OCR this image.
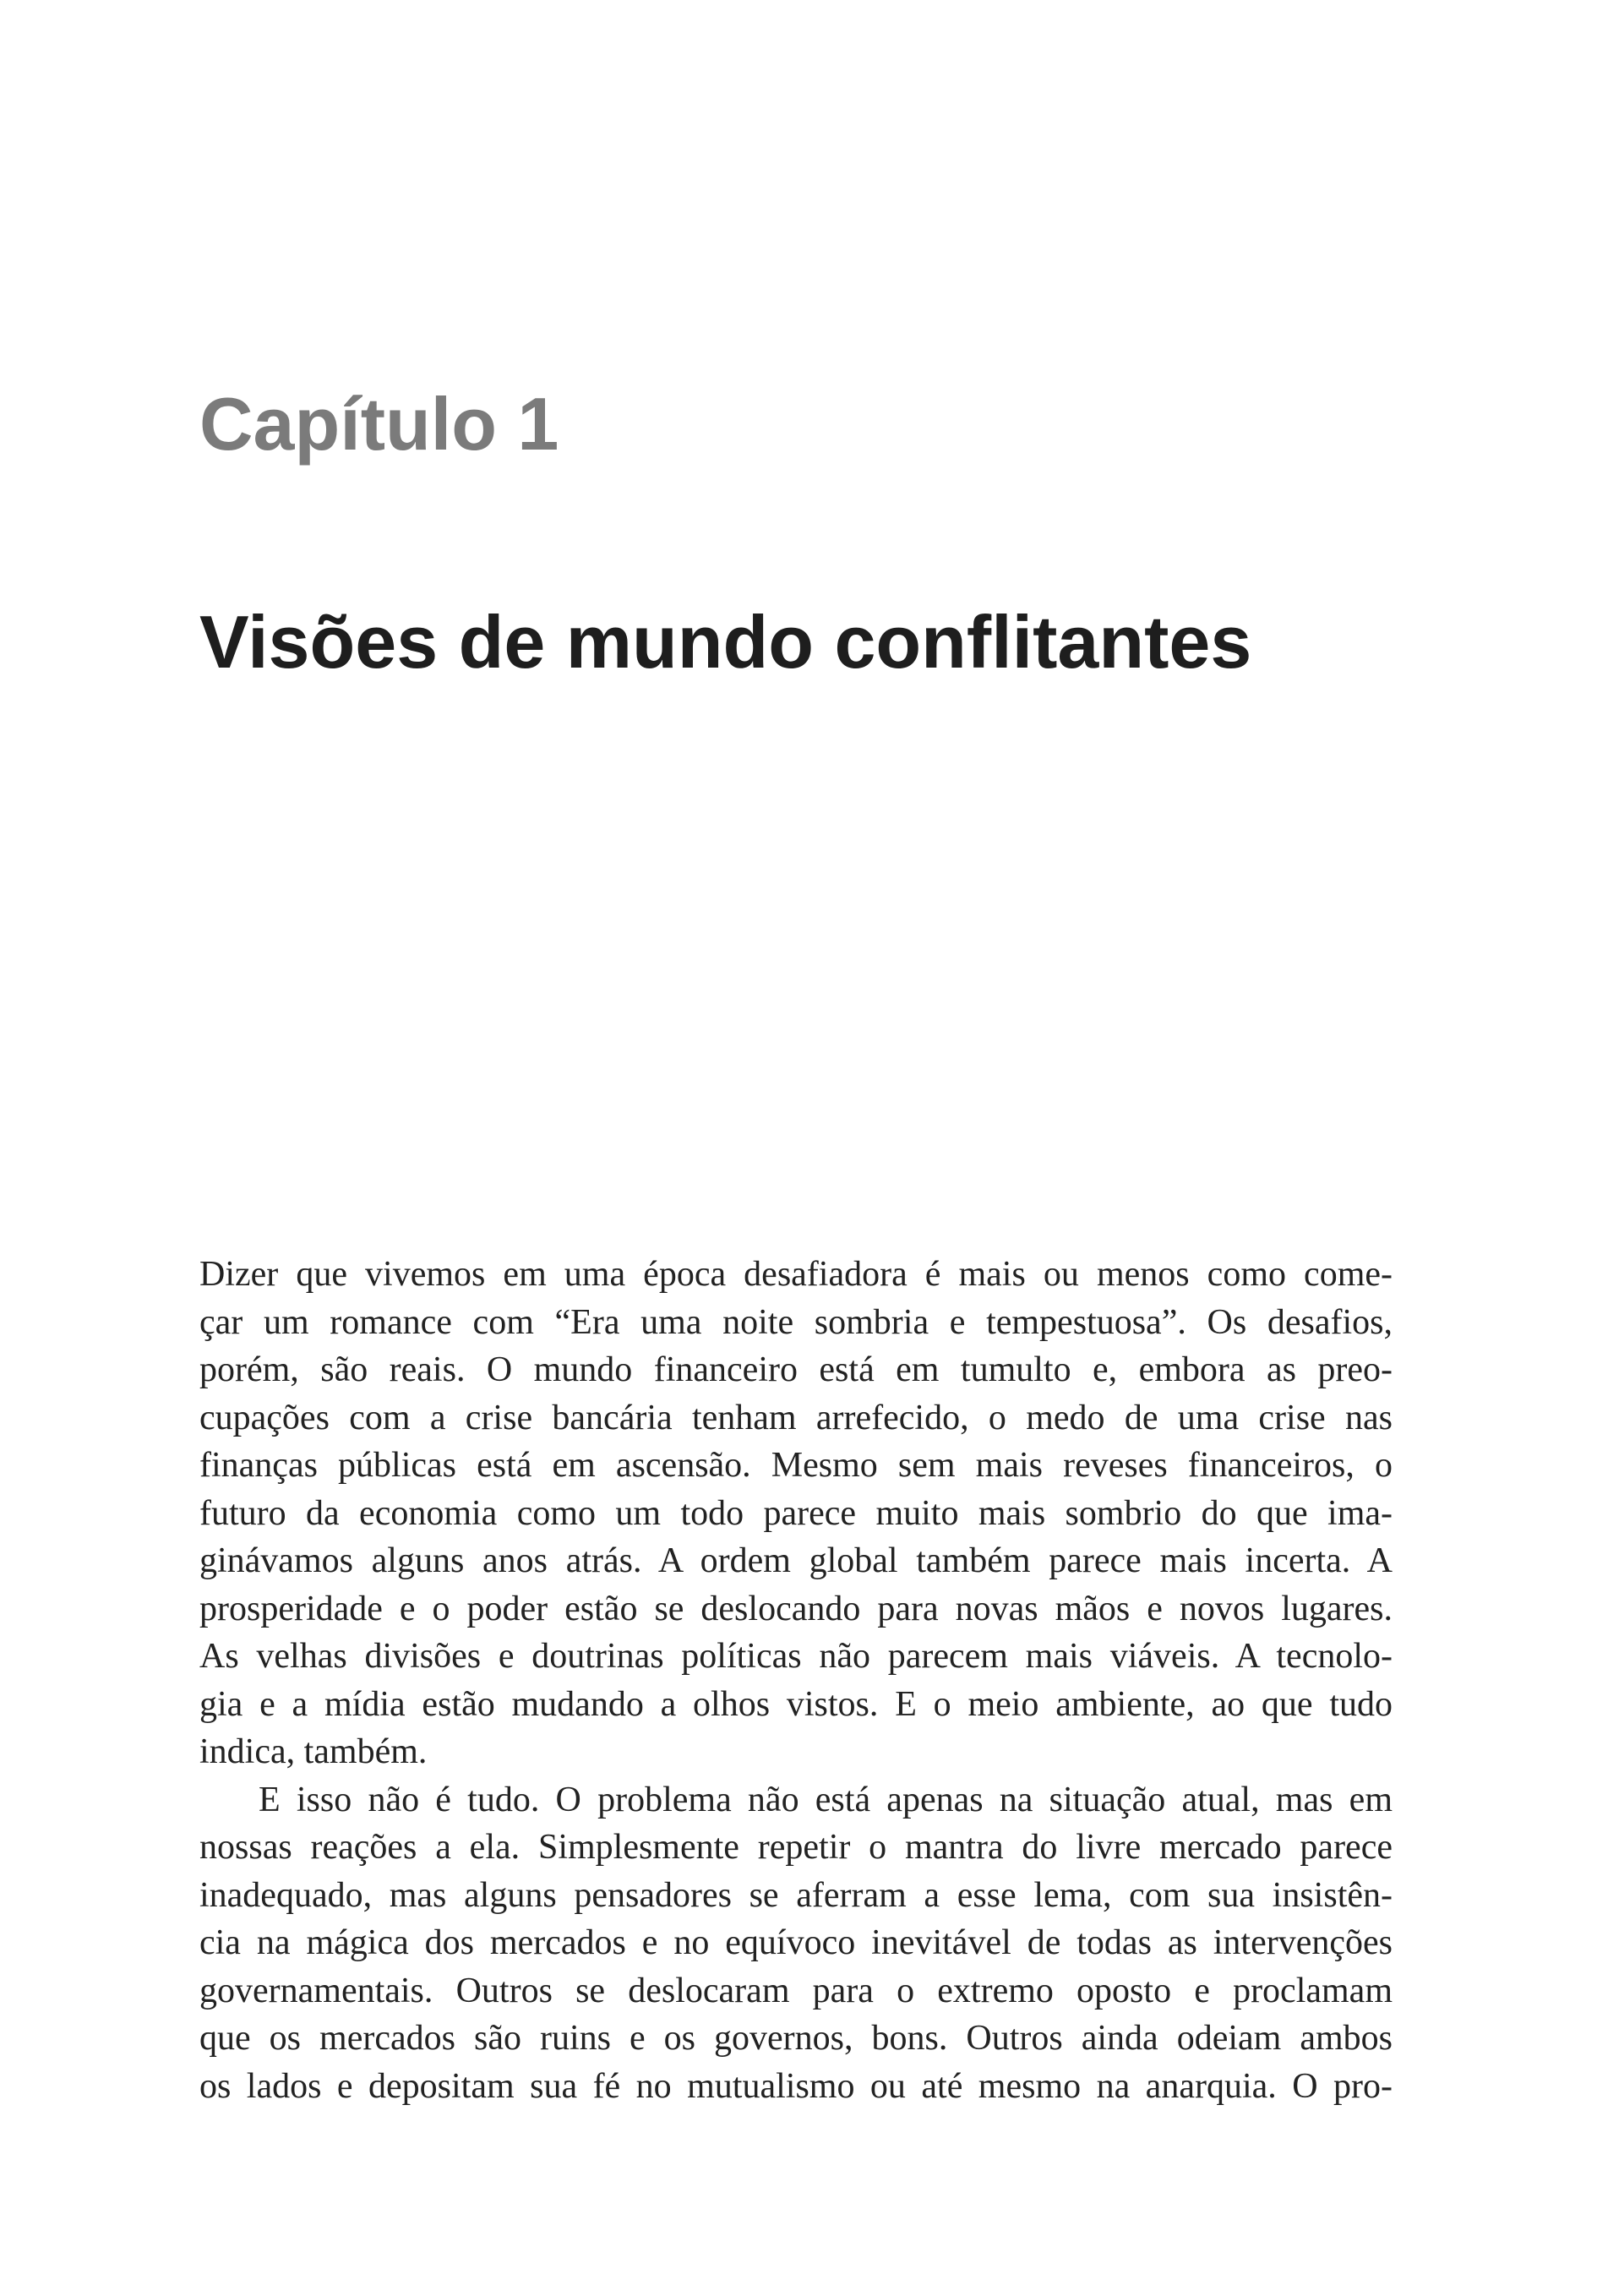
Capítulo 1
Visões de mundo conflitantes
Dizer que vivemos em uma época desafiadora é mais ou menos como come-
çar um romance com “Era uma noite sombria e tempestuosa”. Os desafios,
porém, são reais. O mundo financeiro está em tumulto e, embora as preo-
cupações com a crise bancária tenham arrefecido, o medo de uma crise nas
finanças públicas está em ascensão. Mesmo sem mais reveses financeiros, o
futuro da economia como um todo parece muito mais sombrio do que ima-
ginávamos alguns anos atrás. A ordem global também parece mais incerta. A
prosperidade e o poder estão se deslocando para novas mãos e novos lugares.
As velhas divisões e doutrinas políticas não parecem mais viáveis. A tecnolo-
gia e a mídia estão mudando a olhos vistos. E o meio ambiente, ao que tudo
indica, também.
E isso não é tudo. O problema não está apenas na situação atual, mas em
nossas reações a ela. Simplesmente repetir o mantra do livre mercado parece
inadequado, mas alguns pensadores se aferram a esse lema, com sua insistên-
cia na mágica dos mercados e no equívoco inevitável de todas as intervenções
governamentais. Outros se deslocaram para o extremo oposto e proclamam
que os mercados são ruins e os governos, bons. Outros ainda odeiam ambos
os lados e depositam sua fé no mutualismo ou até mesmo na anarquia. O pro-
